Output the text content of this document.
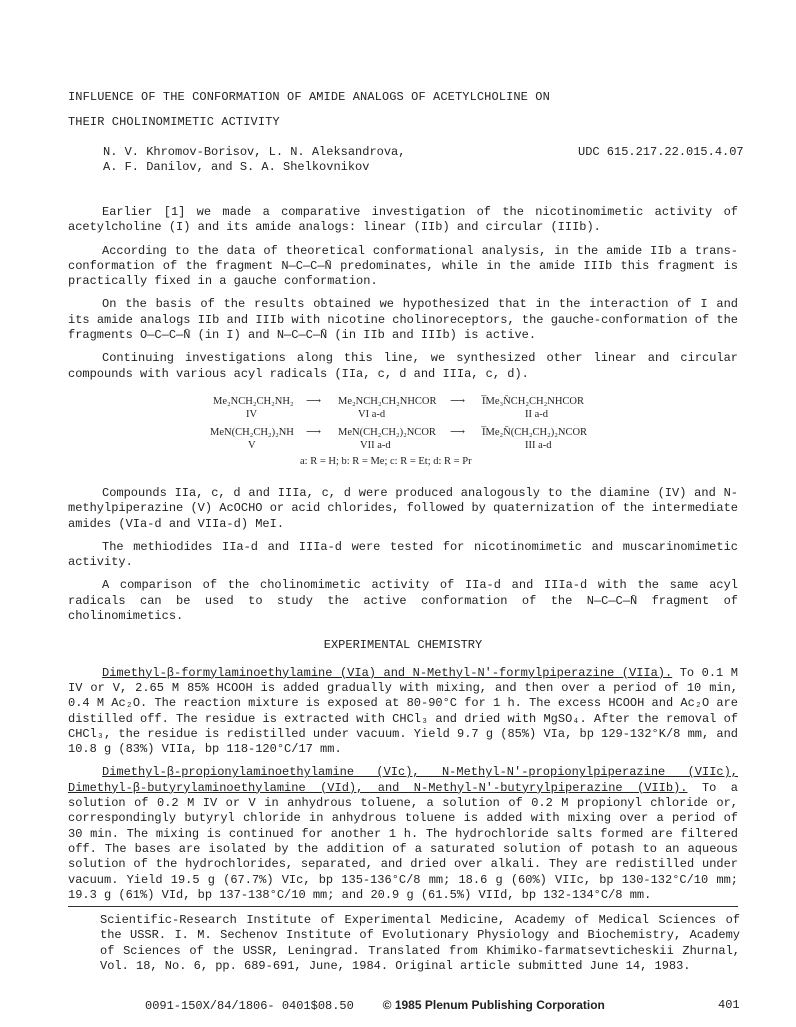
INFLUENCE OF THE CONFORMATION OF AMIDE ANALOGS OF ACETYLCHOLINE ON
THEIR CHOLINOMIMETIC ACTIVITY
N. V. Khromov-Borisov, L. N. Aleksandrova,
A. F. Danilov, and S. A. Shelkovnikov
UDC 615.217.22.015.4.07

Earlier [1] we made a comparative investigation of the nicotinomimetic activity of acetylcholine (I) and its amide analogs: linear (IIb) and circular (IIIb).

According to the data of theoretical conformational analysis, in the amide IIb a trans-conformation of the fragment N—C—C—N̄ predominates, while in the amide IIIb this fragment is practically fixed in a gauche conformation.

On the basis of the results obtained we hypothesized that in the interaction of I and its amide analogs IIb and IIIb with nicotine cholinoreceptors, the gauche-conformation of the fragments O—C—C—N̄ (in I) and N—C—C—N̄ (in IIb and IIIb) is active.

Continuing investigations along this line, we synthesized other linear and circular compounds with various acyl radicals (IIa, c, d and IIIa, c, d).

Me₂NCH₂CH₂NH₂
IV
⟶ Me₂NCH₂CH₂NHCOR
VI a-d
⟶ I̅Me₃N̄CH₂CH₂NHCOR
II a-d
MeN(CH₂CH₂)₂NH
V
⟶ MeN(CH₂CH₂)₂NCOR
VII a-d
⟶ I̅Me₂N̄(CH₂CH₂)₂NCOR
III a-d
a: R = H; b: R = Me; c: R = Et; d: R = Pr

Compounds IIa, c, d and IIIa, c, d were produced analogously to the diamine (IV) and N-methylpiperazine (V) AcOCHO or acid chlorides, followed by quaternization of the intermediate amides (VIa-d and VIIa-d) MeI.

The methiodides IIa-d and IIIa-d were tested for nicotinomimetic and muscarinomimetic activity.

A comparison of the cholinomimetic activity of IIa-d and IIIa-d with the same acyl radicals can be used to study the active conformation of the N—C—C—N̄ fragment of cholinomimetics.

EXPERIMENTAL CHEMISTRY

Dimethyl-β-formylaminoethylamine (VIa) and N-Methyl-N'-formylpiperazine (VIIa). To 0.1 M IV or V, 2.65 M 85% HCOOH is added gradually with mixing, and then over a period of 10 min, 0.4 M Ac₂O. The reaction mixture is exposed at 80-90°C for 1 h. The excess HCOOH and Ac₂O are distilled off. The residue is extracted with CHCl₃ and dried with MgSO₄. After the removal of CHCl₃, the residue is redistilled under vacuum. Yield 9.7 g (85%) VIa, bp 129-132°K/8 mm, and 10.8 g (83%) VIIa, bp 118-120°C/17 mm.

Dimethyl-β-propionylaminoethylamine (VIc), N-Methyl-N'-propionylpiperazine (VIIc), Dimethyl-β-butyrylaminoethylamine (VId), and N-Methyl-N'-butyrylpiperazine (VIIb). To a solution of 0.2 M IV or V in anhydrous toluene, a solution of 0.2 M propionyl chloride or, correspondingly butyryl chloride in anhydrous toluene is added with mixing over a period of 30 min. The mixing is continued for another 1 h. The hydrochloride salts formed are filtered off. The bases are isolated by the addition of a saturated solution of potash to an aqueous solution of the hydrochlorides, separated, and dried over alkali. They are redistilled under vacuum. Yield 19.5 g (67.7%) VIc, bp 135-136°C/8 mm; 18.6 g (60%) VIIc, bp 130-132°C/10 mm; 19.3 g (61%) VId, bp 137-138°C/10 mm; and 20.9 g (61.5%) VIId, bp 132-134°C/8 mm.

Scientific-Research Institute of Experimental Medicine, Academy of Medical Sciences of the USSR. I. M. Sechenov Institute of Evolutionary Physiology and Biochemistry, Academy of Sciences of the USSR, Leningrad. Translated from Khimiko-farmatsevticheskii Zhurnal, Vol. 18, No. 6, pp. 689-691, June, 1984. Original article submitted June 14, 1983.
0091-150X/84/1806- 0401$08.50 © 1985 Plenum Publishing Corporation	401
